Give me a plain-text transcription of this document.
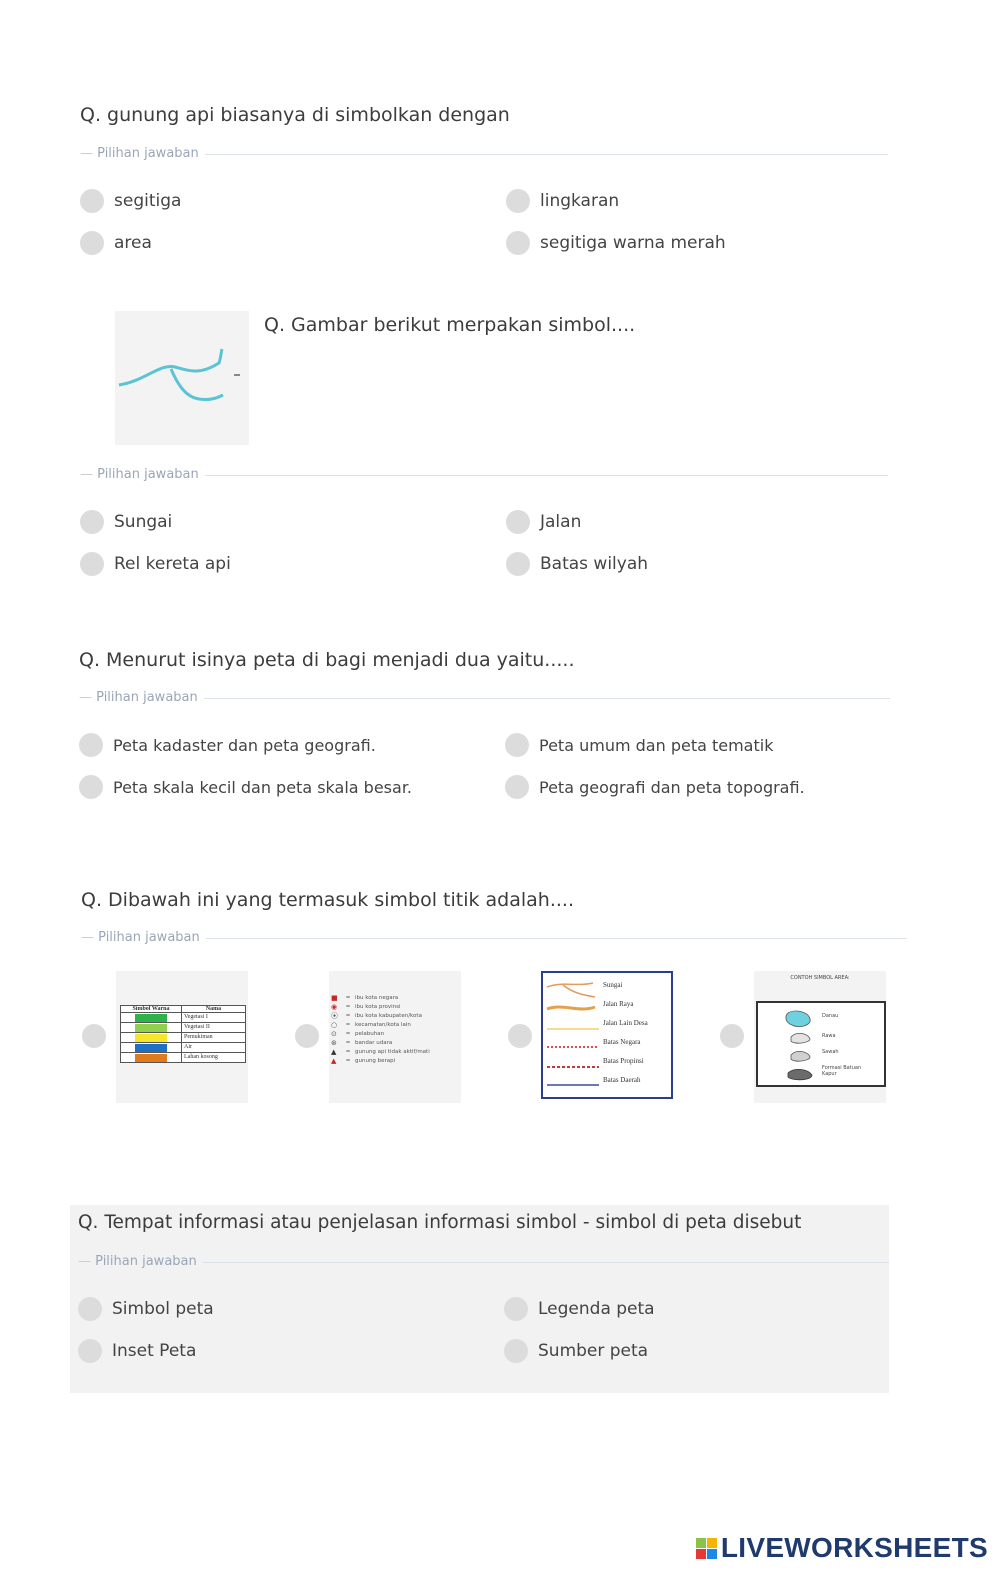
Q. gunung api biasanya di simbolkan dengan
— Pilihan jawaban
segitiga	lingkaran
area	segitiga warna merah
Q. Gambar berikut merpakan simbol....
— Pilihan jawaban
Sungai	Jalan
Rel kereta api	Batas wilyah
Q. Menurut isinya peta di bagi menjadi dua yaitu.....
— Pilihan jawaban
Peta kadaster dan peta geografi.	Peta umum dan peta tematik
Peta skala kecil dan peta skala besar.	Peta geografi dan peta topografi.
Q. Dibawah ini yang termasuk simbol titik adalah....
— Pilihan jawaban
Simbol Warna	Nama
Vegetasi I
Vegetasi II
Pemukiman
Air
Lahan kosong
■	= ibu kota negara
◉	= ibu kota provinsi
⦿	= ibu kota kabupaten/kota
○	= kecamatan/kota lain
⊙	= pelabuhan
⊛	= bandar udara
▲	= gunung api tidak aktif/mati
▲	= gunung berapi
Sungai
Jalan Raya
Jalan Lain Desa
Batas Negara
Batas Propinsi
Batas Daerah
CONTOH SIMBOL AREA:
Danau
Rawa
Sawah
Formasi Batuan Kapur
Q. Tempat informasi atau penjelasan informasi simbol - simbol di peta disebut
— Pilihan jawaban
Simbol peta	Legenda peta
Inset Peta	Sumber peta
LIVEWORKSHEETS
